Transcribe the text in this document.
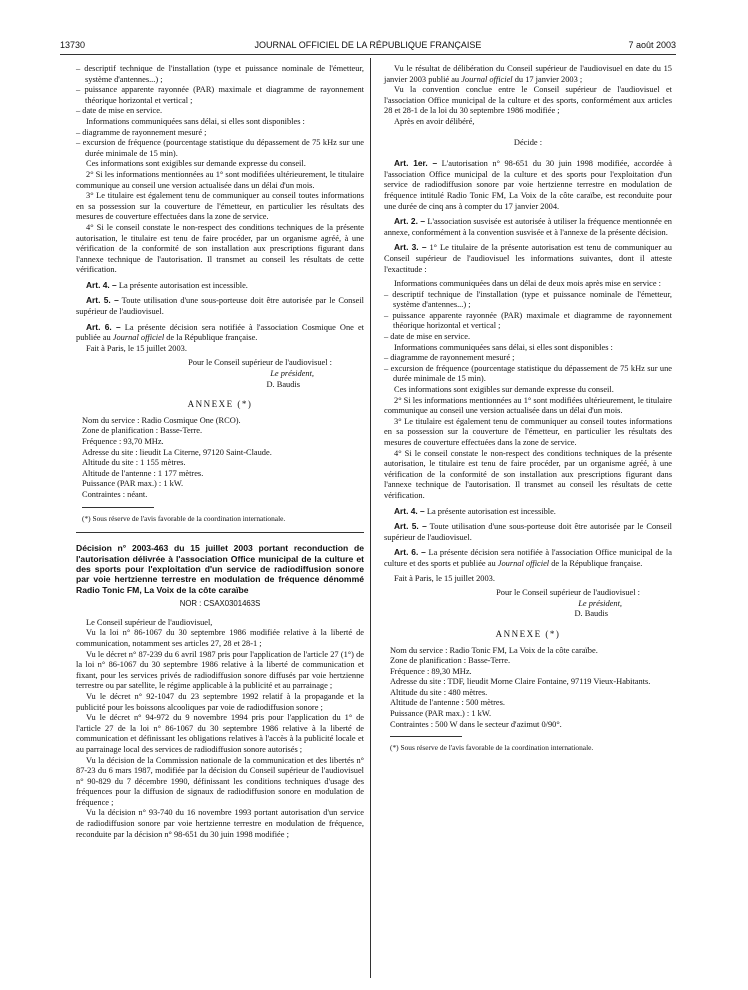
13730	JOURNAL OFFICIEL DE LA RÉPUBLIQUE FRANÇAISE	7 août 2003

– descriptif technique de l'installation (type et puissance nominale de l'émetteur, système d'antennes...) ;

– puissance apparente rayonnée (PAR) maximale et diagramme de rayonnement théorique horizontal et vertical ;

– date de mise en service.

Informations communiquées sans délai, si elles sont disponibles :

– diagramme de rayonnement mesuré ;

– excursion de fréquence (pourcentage statistique du dépassement de 75 kHz sur une durée minimale de 15 min).

Ces informations sont exigibles sur demande expresse du conseil.

2° Si les informations mentionnées au 1° sont modifiées ultérieurement, le titulaire communique au conseil une version actualisée dans un délai d'un mois.

3° Le titulaire est également tenu de communiquer au conseil toutes informations en sa possession sur la couverture de l'émetteur, en particulier les résultats des mesures de couverture effectuées dans la zone de service.

4° Si le conseil constate le non-respect des conditions techniques de la présente autorisation, le titulaire est tenu de faire procéder, par un organisme agréé, à une vérification de la conformité de son installation aux prescriptions figurant dans l'annexe technique de l'autorisation. Il transmet au conseil les résultats de cette vérification.

Art. 4. – La présente autorisation est incessible.

Art. 5. – Toute utilisation d'une sous-porteuse doit être autorisée par le Conseil supérieur de l'audiovisuel.

Art. 6. – La présente décision sera notifiée à l'association Cosmique One et publiée au Journal officiel de la République française.

Fait à Paris, le 15 juillet 2003.

Pour le Conseil supérieur de l'audiovisuel :

Le président,

D. Baudis

ANNEXE (*)

Nom du service : Radio Cosmique One (RCO).

Zone de planification : Basse-Terre.

Fréquence : 93,70 MHz.

Adresse du site : lieudit La Citerne, 97120 Saint-Claude.

Altitude du site : 1 155 mètres.

Altitude de l'antenne : 1 177 mètres.

Puissance (PAR max.) : 1 kW.

Contraintes : néant.

(*) Sous réserve de l'avis favorable de la coordination internationale.

Décision n° 2003-463 du 15 juillet 2003 portant reconduction de l'autorisation délivrée à l'association Office municipal de la culture et des sports pour l'exploitation d'un service de radiodiffusion sonore par voie hertzienne terrestre en modulation de fréquence dénommé Radio Tonic FM, La Voix de la côte caraïbe

NOR : CSAX0301463S

Le Conseil supérieur de l'audiovisuel,

Vu la loi n° 86-1067 du 30 septembre 1986 modifiée relative à la liberté de communication, notamment ses articles 27, 28 et 28-1 ;

Vu le décret n° 87-239 du 6 avril 1987 pris pour l'application de l'article 27 (1°) de la loi n° 86-1067 du 30 septembre 1986 relative à la liberté de communication et fixant, pour les services privés de radiodiffusion sonore diffusés par voie hertzienne terrestre ou par satellite, le régime applicable à la publicité et au parrainage ;

Vu le décret n° 92-1047 du 23 septembre 1992 relatif à la propagande et la publicité pour les boissons alcooliques par voie de radiodiffusion sonore ;

Vu le décret n° 94-972 du 9 novembre 1994 pris pour l'application du 1° de l'article 27 de la loi n° 86-1067 du 30 septembre 1986 relative à la liberté de communication et définissant les obligations relatives à l'accès à la publicité locale et au parrainage local des services de radiodiffusion sonore autorisés ;

Vu la décision de la Commission nationale de la communication et des libertés n° 87-23 du 6 mars 1987, modifiée par la décision du Conseil supérieur de l'audiovisuel n° 90-829 du 7 décembre 1990, définissant les conditions techniques d'usage des fréquences pour la diffusion de signaux de radiodiffusion sonore en modulation de fréquence ;

Vu la décision n° 93-740 du 16 novembre 1993 portant autorisation d'un service de radiodiffusion sonore par voie hertzienne terrestre en modulation de fréquence, reconduite par la décision n° 98-651 du 30 juin 1998 modifiée ;

Vu le résultat de délibération du Conseil supérieur de l'audiovisuel en date du 15 janvier 2003 publié au Journal officiel du 17 janvier 2003 ;

Vu la convention conclue entre le Conseil supérieur de l'audiovisuel et l'association Office municipal de la culture et des sports, conformément aux articles 28 et 28-1 de la loi du 30 septembre 1986 modifiée ;

Après en avoir délibéré,

Décide :

Art. 1er. – L'autorisation n° 98-651 du 30 juin 1998 modifiée, accordée à l'association Office municipal de la culture et des sports pour l'exploitation d'un service de radiodiffusion sonore par voie hertzienne terrestre en modulation de fréquence intitulé Radio Tonic FM, La Voix de la côte caraïbe, est reconduite pour une durée de cinq ans à compter du 17 janvier 2004.

Art. 2. – L'association susvisée est autorisée à utiliser la fréquence mentionnée en annexe, conformément à la convention susvisée et à l'annexe de la présente décision.

Art. 3. – 1° Le titulaire de la présente autorisation est tenu de communiquer au Conseil supérieur de l'audiovisuel les informations suivantes, dont il atteste l'exactitude :

Informations communiquées dans un délai de deux mois après mise en service :

– descriptif technique de l'installation (type et puissance nominale de l'émetteur, système d'antennes...) ;

– puissance apparente rayonnée (PAR) maximale et diagramme de rayonnement théorique horizontal et vertical ;

– date de mise en service.

Informations communiquées sans délai, si elles sont disponibles :

– diagramme de rayonnement mesuré ;

– excursion de fréquence (pourcentage statistique du dépassement de 75 kHz sur une durée minimale de 15 min).

Ces informations sont exigibles sur demande expresse du conseil.

2° Si les informations mentionnées au 1° sont modifiées ultérieurement, le titulaire communique au conseil une version actualisée dans un délai d'un mois.

3° Le titulaire est également tenu de communiquer au conseil toutes informations en sa possession sur la couverture de l'émetteur, en particulier les résultats des mesures de couverture effectuées dans la zone de service.

4° Si le conseil constate le non-respect des conditions techniques de la présente autorisation, le titulaire est tenu de faire procéder, par un organisme agréé, à une vérification de la conformité de son installation aux prescriptions figurant dans l'annexe technique de l'autorisation. Il transmet au conseil les résultats de cette vérification.

Art. 4. – La présente autorisation est incessible.

Art. 5. – Toute utilisation d'une sous-porteuse doit être autorisée par le Conseil supérieur de l'audiovisuel.

Art. 6. – La présente décision sera notifiée à l'association Office municipal de la culture et des sports et publiée au Journal officiel de la République française.

Fait à Paris, le 15 juillet 2003.

Pour le Conseil supérieur de l'audiovisuel :

Le président,

D. Baudis

ANNEXE (*)

Nom du service : Radio Tonic FM, La Voix de la côte caraïbe.

Zone de planification : Basse-Terre.

Fréquence : 89,30 MHz.

Adresse du site : TDF, lieudit Morne Claire Fontaine, 97119 Vieux-Habitants.

Altitude du site : 480 mètres.

Altitude de l'antenne : 500 mètres.

Puissance (PAR max.) : 1 kW.

Contraintes : 500 W dans le secteur d'azimut 0/90°.

(*) Sous réserve de l'avis favorable de la coordination internationale.
